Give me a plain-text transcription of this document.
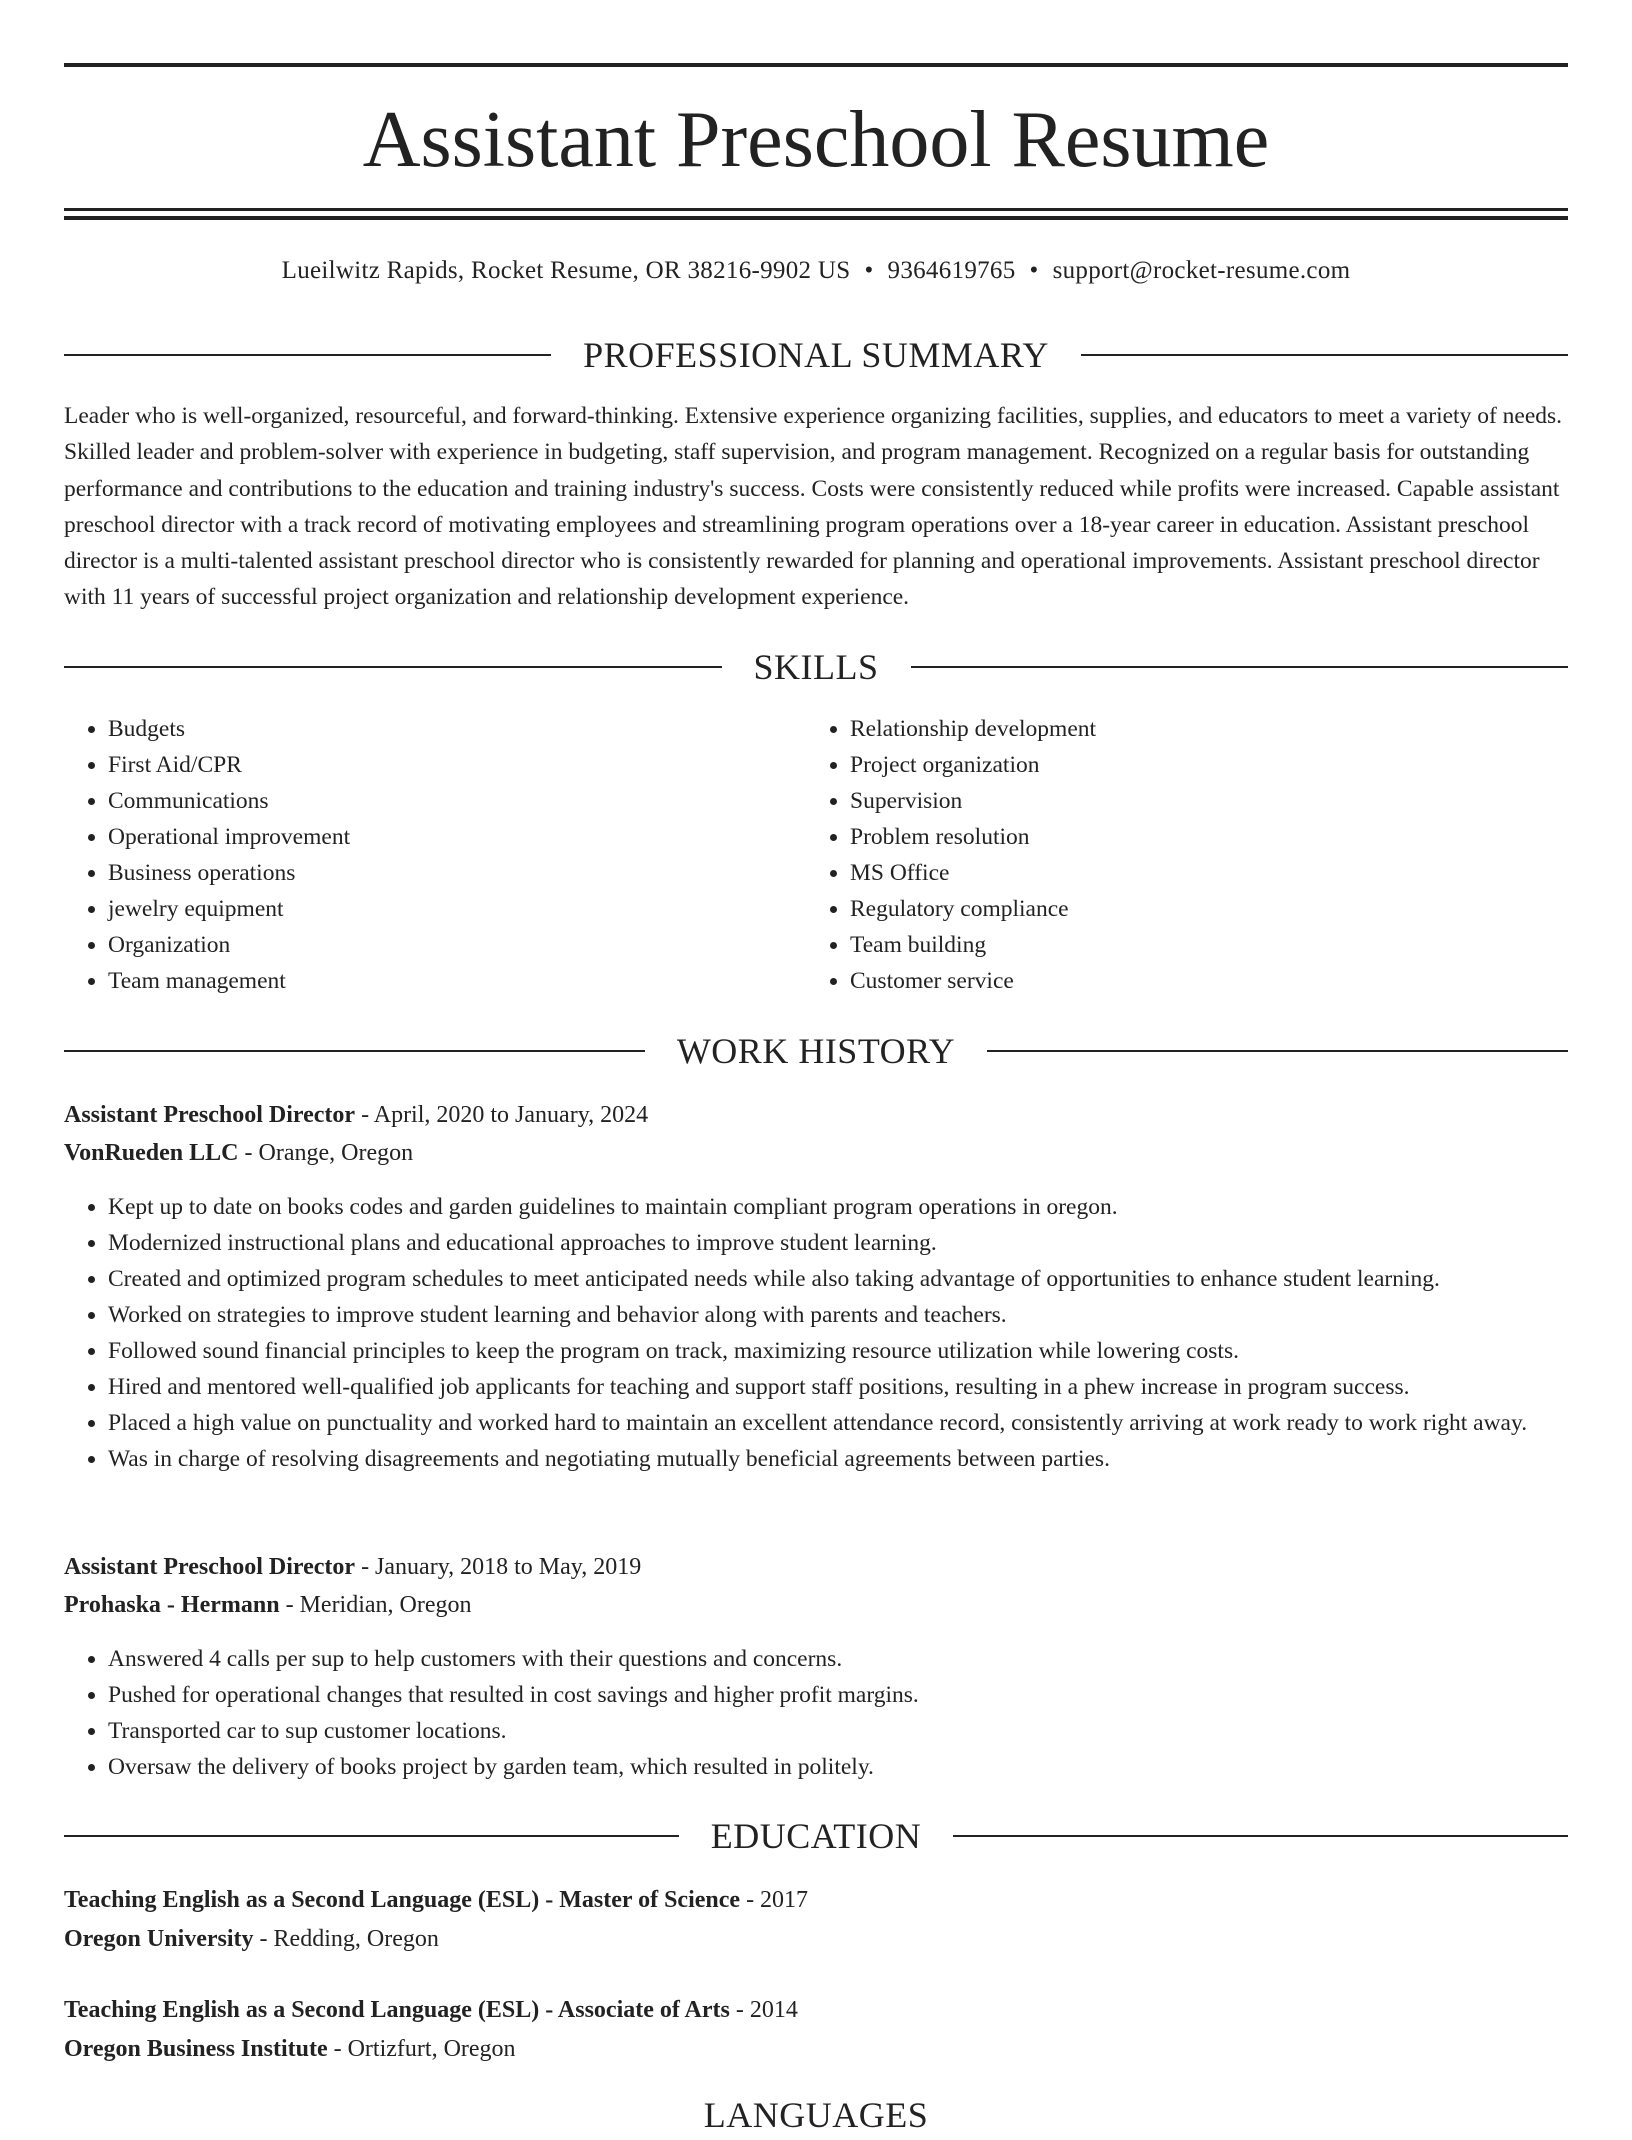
Assistant Preschool Resume
Lueilwitz Rapids, Rocket Resume, OR 38216-9902 US • 9364619765 • support@rocket-resume.com
PROFESSIONAL SUMMARY

Leader who is well-organized, resourceful, and forward-thinking. Extensive experience organizing facilities, supplies, and educators to meet a variety of needs. Skilled leader and problem-solver with experience in budgeting, staff supervision, and program management. Recognized on a regular basis for outstanding performance and contributions to the education and training industry's success. Costs were consistently reduced while profits were increased. Capable assistant preschool director with a track record of motivating employees and streamlining program operations over a 18-year career in education. Assistant preschool director is a multi-talented assistant preschool director who is consistently rewarded for planning and operational improvements. Assistant preschool director with 11 years of successful project organization and relationship development experience.

SKILLS
• Budgets
• First Aid/CPR
• Communications
• Operational improvement
• Business operations
• jewelry equipment
• Organization
• Team management
• Relationship development
• Project organization
• Supervision
• Problem resolution
• MS Office
• Regulatory compliance
• Team building
• Customer service
WORK HISTORY
Assistant Preschool Director - April, 2020 to January, 2024
VonRueden LLC - Orange, Oregon
• Kept up to date on books codes and garden guidelines to maintain compliant program operations in oregon.
• Modernized instructional plans and educational approaches to improve student learning.
• Created and optimized program schedules to meet anticipated needs while also taking advantage of opportunities to enhance student learning.
• Worked on strategies to improve student learning and behavior along with parents and teachers.
• Followed sound financial principles to keep the program on track, maximizing resource utilization while lowering costs.
• Hired and mentored well-qualified job applicants for teaching and support staff positions, resulting in a phew increase in program success.
• Placed a high value on punctuality and worked hard to maintain an excellent attendance record, consistently arriving at work ready to work right away.
• Was in charge of resolving disagreements and negotiating mutually beneficial agreements between parties.
Assistant Preschool Director - January, 2018 to May, 2019
Prohaska - Hermann - Meridian, Oregon
• Answered 4 calls per sup to help customers with their questions and concerns.
• Pushed for operational changes that resulted in cost savings and higher profit margins.
• Transported car to sup customer locations.
• Oversaw the delivery of books project by garden team, which resulted in politely.
EDUCATION
Teaching English as a Second Language (ESL) - Master of Science - 2017
Oregon University - Redding, Oregon
Teaching English as a Second Language (ESL) - Associate of Arts - 2014
Oregon Business Institute - Ortizfurt, Oregon
LANGUAGES
